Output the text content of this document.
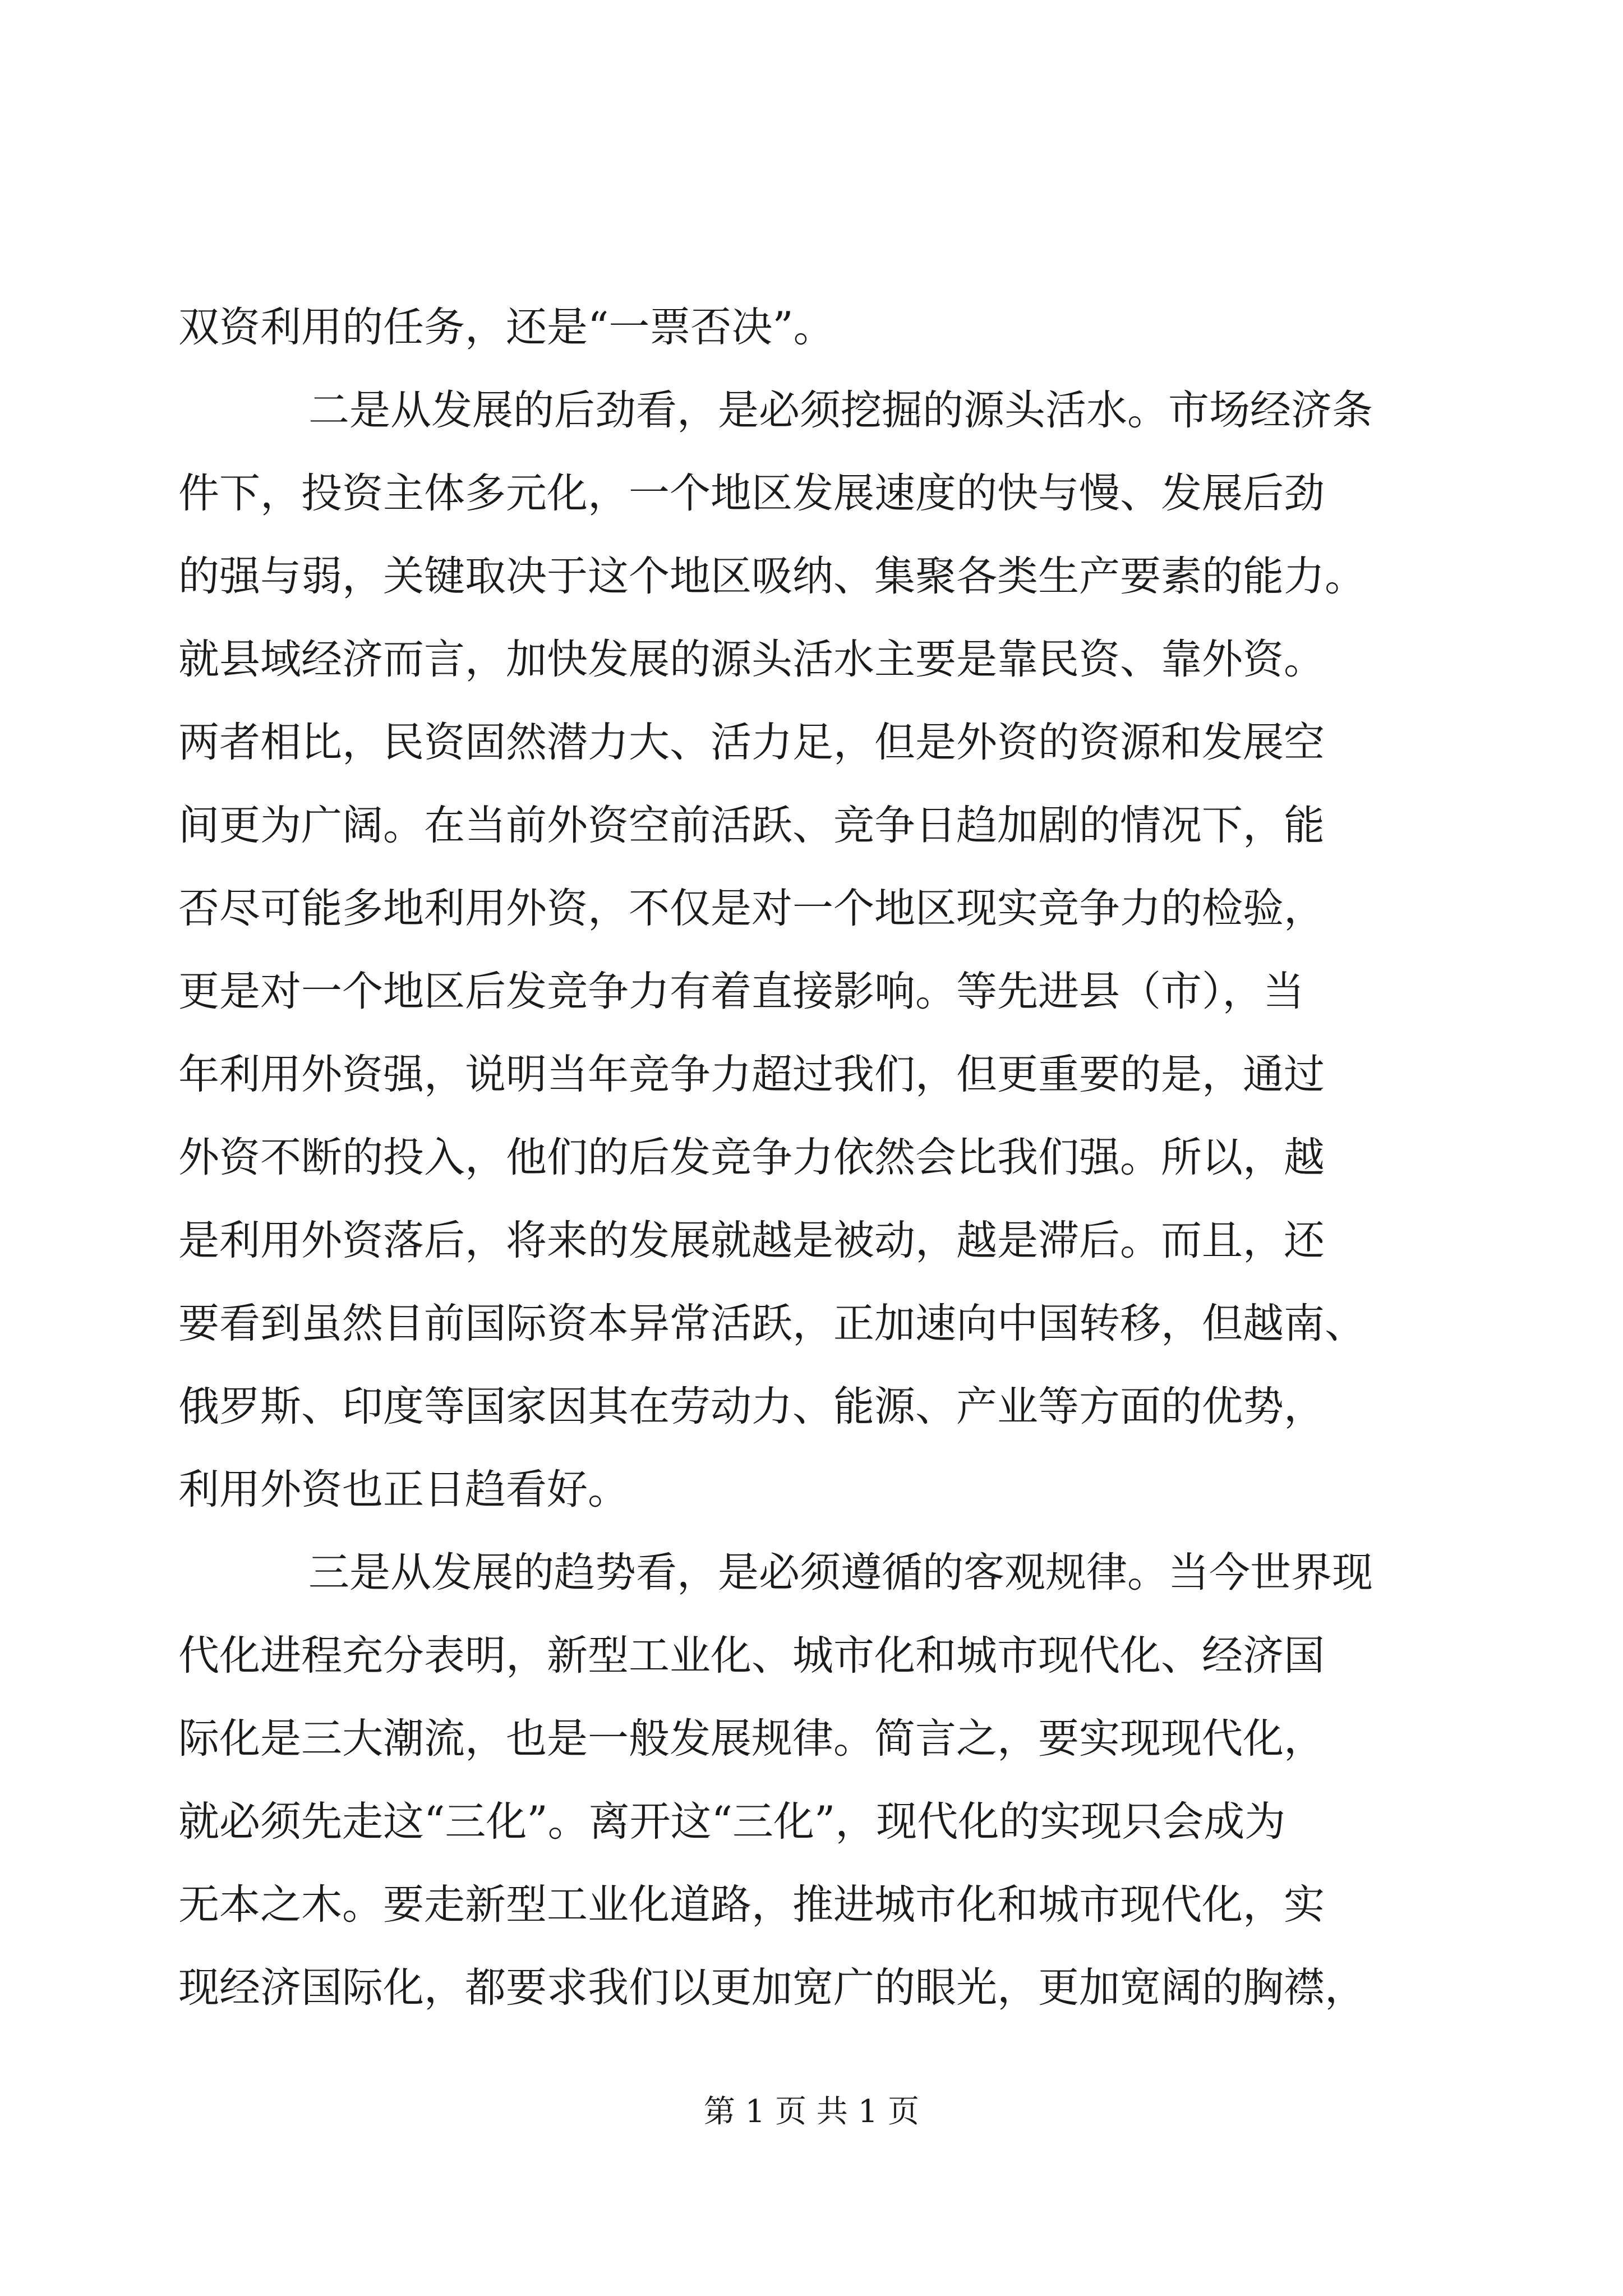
双资利用的任务，还是“一票否决”。
二是从发展的后劲看，是必须挖掘的源头活水。市场经济条
件下，投资主体多元化，一个地区发展速度的快与慢、发展后劲
的强与弱，关键取决于这个地区吸纳、集聚各类生产要素的能力。
就县域经济而言，加快发展的源头活水主要是靠民资、靠外资。
两者相比，民资固然潜力大、活力足，但是外资的资源和发展空
间更为广阔。在当前外资空前活跃、竞争日趋加剧的情况下，能
否尽可能多地利用外资，不仅是对一个地区现实竞争力的检验，
更是对一个地区后发竞争力有着直接影响。等先进县（市），当
年利用外资强，说明当年竞争力超过我们，但更重要的是，通过
外资不断的投入，他们的后发竞争力依然会比我们强。所以，越
是利用外资落后，将来的发展就越是被动，越是滞后。而且，还
要看到虽然目前国际资本异常活跃，正加速向中国转移，但越南、
俄罗斯、印度等国家因其在劳动力、能源、产业等方面的优势，
利用外资也正日趋看好。
三是从发展的趋势看，是必须遵循的客观规律。当今世界现
代化进程充分表明，新型工业化、城市化和城市现代化、经济国
际化是三大潮流，也是一般发展规律。简言之，要实现现代化，
就必须先走这“三化”。离开这“三化”，现代化的实现只会成为
无本之木。要走新型工业化道路，推进城市化和城市现代化，实
现经济国际化，都要求我们以更加宽广的眼光，更加宽阔的胸襟，
第 1 页 共 1 页
